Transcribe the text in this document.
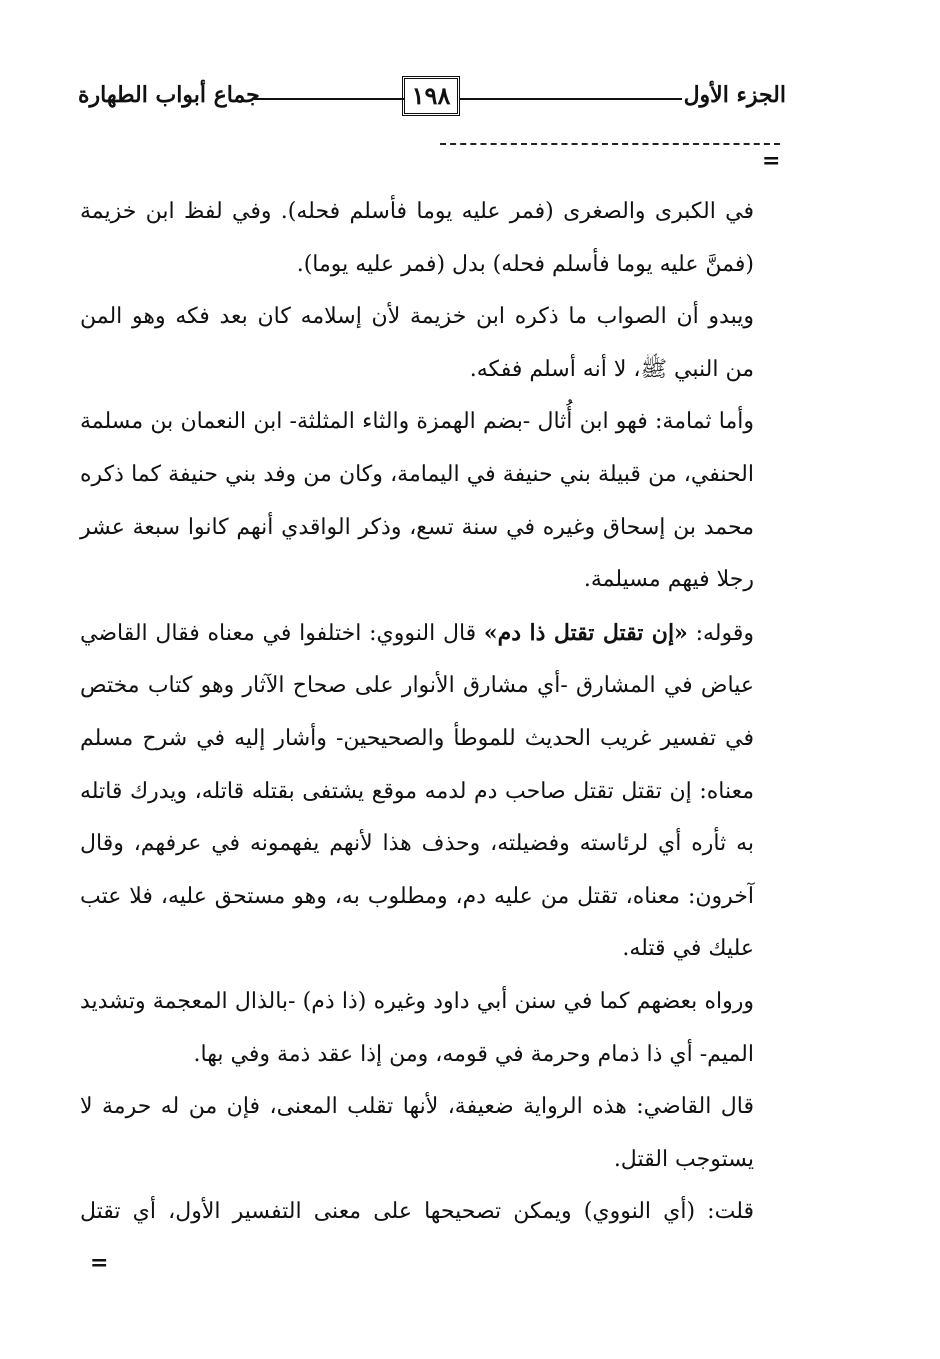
جماع أبواب الطهارة	١٩٨	الجزء الأول
=

في الكبرى والصغرى (فمر عليه يوما فأسلم فحله). وفي لفظ ابن خزيمة (فمنَّ عليه يوما فأسلم فحله) بدل (فمر عليه يوما).

ويبدو أن الصواب ما ذكره ابن خزيمة لأن إسلامه كان بعد فكه وهو المن من النبي ﷺ، لا أنه أسلم ففكه.

وأما ثمامة: فهو ابن أُثال -بضم الهمزة والثاء المثلثة- ابن النعمان بن مسلمة الحنفي، من قبيلة بني حنيفة في اليمامة، وكان من وفد بني حنيفة كما ذكره محمد بن إسحاق وغيره في سنة تسع، وذكر الواقدي أنهم كانوا سبعة عشر رجلا فيهم مسيلمة.

وقوله: «إن تقتل تقتل ذا دم» قال النووي: اختلفوا في معناه فقال القاضي عياض في المشارق -أي مشارق الأنوار على صحاح الآثار وهو كتاب مختص في تفسير غريب الحديث للموطأ والصحيحين- وأشار إليه في شرح مسلم معناه: إن تقتل تقتل صاحب دم لدمه موقع يشتفى بقتله قاتله، ويدرك قاتله به ثأره أي لرئاسته وفضيلته، وحذف هذا لأنهم يفهمونه في عرفهم، وقال آخرون: معناه، تقتل من عليه دم، ومطلوب به، وهو مستحق عليه، فلا عتب عليك في قتله.

ورواه بعضهم كما في سنن أبي داود وغيره (ذا ذم) -بالذال المعجمة وتشديد الميم- أي ذا ذمام وحرمة في قومه، ومن إذا عقد ذمة وفي بها.

قال القاضي: هذه الرواية ضعيفة، لأنها تقلب المعنى، فإن من له حرمة لا يستوجب القتل.

قلت: (أي النووي) ويمكن تصحيحها على معنى التفسير الأول، أي تقتل

=
